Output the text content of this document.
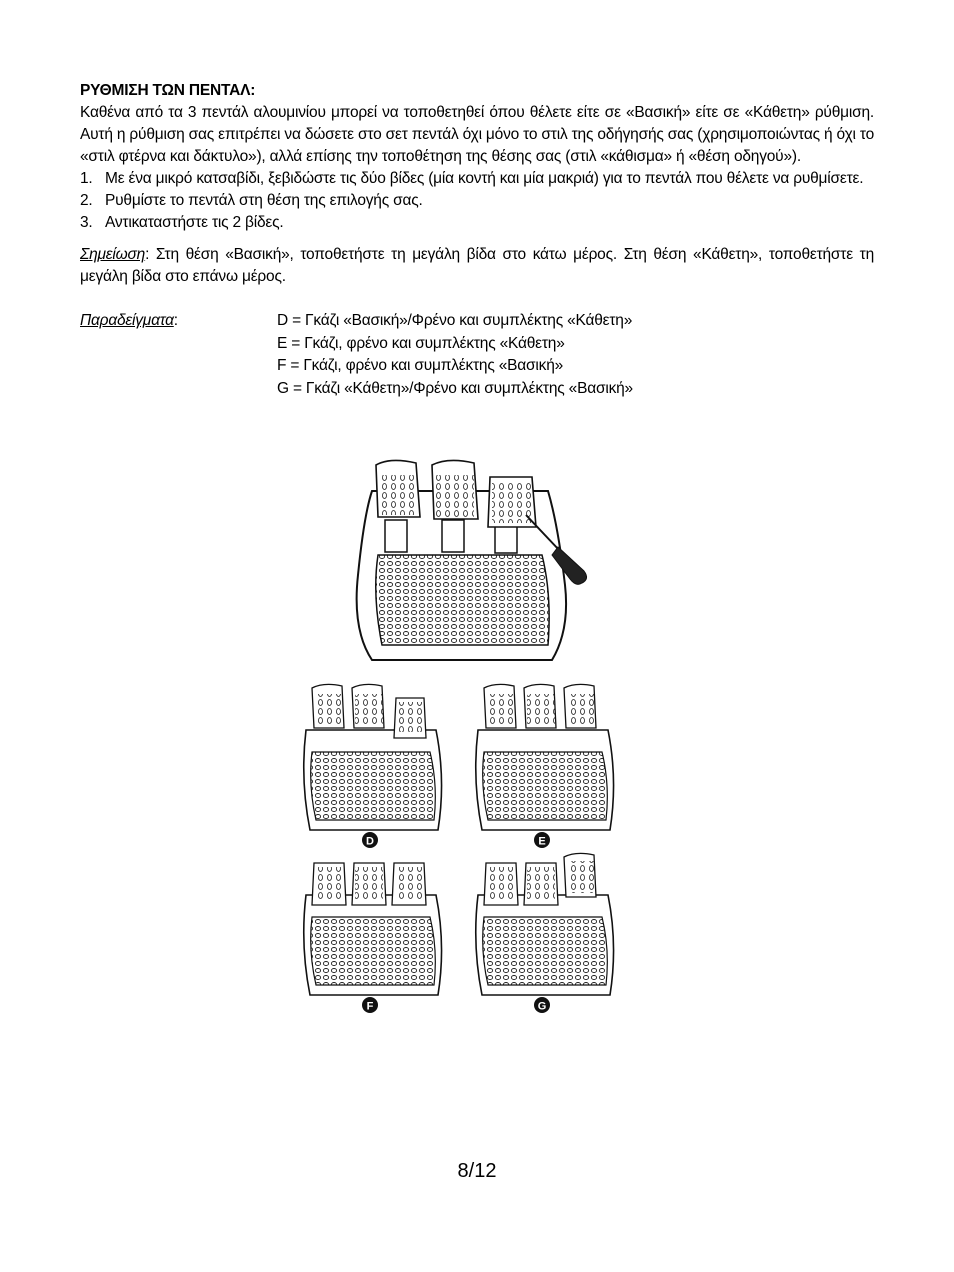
ΡΥΘΜΙΣΗ ΤΩΝ ΠΕΝΤΑΛ:

Καθένα από τα 3 πεντάλ αλουμινίου μπορεί να τοποθετηθεί όπου θέλετε είτε σε «Βασική» είτε σε «Κάθετη» ρύθμιση. Αυτή η ρύθμιση σας επιτρέπει να δώσετε στο σετ πεντάλ όχι μόνο το στιλ της οδήγησής σας (χρησιμοποιώντας ή όχι το «στιλ φτέρνα και δάκτυλο»), αλλά επίσης την τοποθέτηση της θέσης σας (στιλ «κάθισμα» ή «θέση οδηγού»).

1. Με ένα μικρό κατσαβίδι, ξεβιδώστε τις δύο βίδες (μία κοντή και μία μακριά) για το πεντάλ που θέλετε να ρυθμίσετε.
2. Ρυθμίστε το πεντάλ στη θέση της επιλογής σας.
3. Αντικαταστήστε τις 2 βίδες.

Σημείωση: Στη θέση «Βασική», τοποθετήστε τη μεγάλη βίδα στο κάτω μέρος. Στη θέση «Κάθετη», τοποθετήστε τη μεγάλη βίδα στο επάνω μέρος.

Παραδείγματα:	D = Γκάζι «Βασική»/Φρένο και συμπλέκτης «Κάθετη»
E = Γκάζι, φρένο και συμπλέκτης «Κάθετη»
F = Γκάζι, φρένο και συμπλέκτης «Βασική»
G = Γκάζι «Κάθετη»/Φρένο και συμπλέκτης «Βασική»
D	E
F	G
8/12
